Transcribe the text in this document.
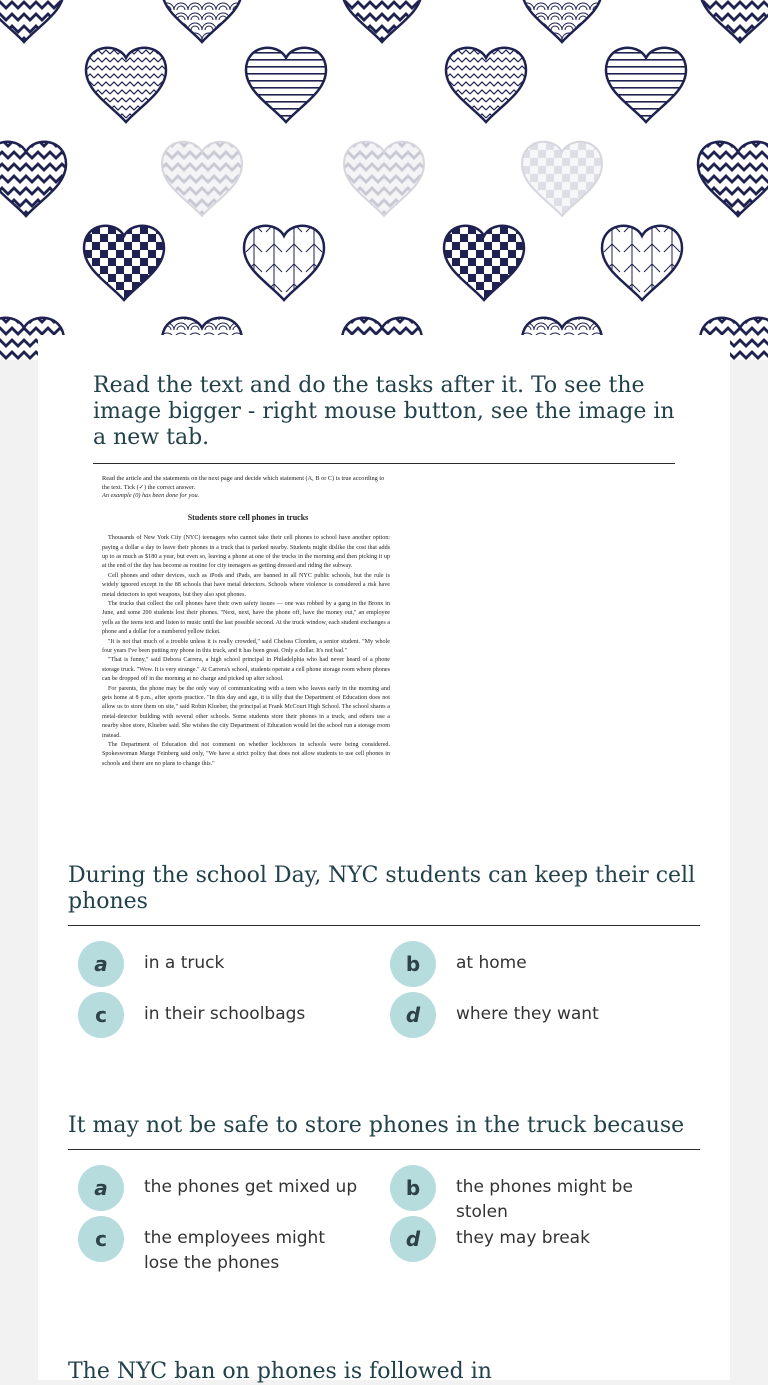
Read the text and do the tasks after it. To see the image bigger - right mouse button, see the image in a new tab.

Read the article and the statements on the next page and decide which statement (A, B or C) is true according to the text. Tick (✓) the correct answer.
An example (0) has been done for you.

Students store cell phones in trucks

Thousands of New York City (NYC) teenagers who cannot take their cell phones to school have another option: paying a dollar a day to leave their phones in a truck that is parked nearby. Students might dislike the cost that adds up to as much as $180 a year, but even so, leaving a phone at one of the trucks in the morning and then picking it up at the end of the day has become as routine for city teenagers as getting dressed and riding the subway.

Cell phones and other devices, such as iPods and iPads, are banned in all NYC public schools, but the rule is widely ignored except in the 88 schools that have metal detectors. Schools where violence is considered a risk have metal detectors to spot weapons, but they also spot phones.

The trucks that collect the cell phones have their own safety issues — one was robbed by a gang in the Bronx in June, and some 200 students lost their phones. "Next, next, have the phone off, have the money out," an employee yells as the teens text and listen to music until the last possible second. At the truck window, each student exchanges a phone and a dollar for a numbered yellow ticket.

"It is not that much of a trouble unless it is really crowded," said Chelsea Clonden, a senior student. "My whole four years I've been putting my phone in this truck, and it has been great. Only a dollar. It's not bad."

"That is funny," said Debora Carrera, a high school principal in Philadelphia who had never heard of a phone storage truck. "Wow. It is very strange." At Carrera's school, students operate a cell phone storage room where phones can be dropped off in the morning at no charge and picked up after school.

For parents, the phone may be the only way of communicating with a teen who leaves early in the morning and gets home at 8 p.m., after sports practice. "In this day and age, it is silly that the Department of Education does not allow us to store them on site," said Robin Klueber, the principal at Frank McCourt High School. The school shares a metal-detector building with several other schools. Some students store their phones in a truck, and others use a nearby shoe store, Klueber said. She wishes the city Department of Education would let the school run a storage room instead.

The Department of Education did not comment on whether lockboxes in schools were being considered. Spokeswoman Marge Feinberg said only, "We have a strict policy that does not allow students to use cell phones in schools and there are no plans to change this."

During the school Day, NYC students can keep their cell phones

a	in a truck	b	at home
c	in their schoolbags	d	where they want

It may not be safe to store phones in the truck because

a	the phones get mixed up	b	the phones might be stolen
c	the employees might lose the phones
d	they may break

The NYC ban on phones is followed in
